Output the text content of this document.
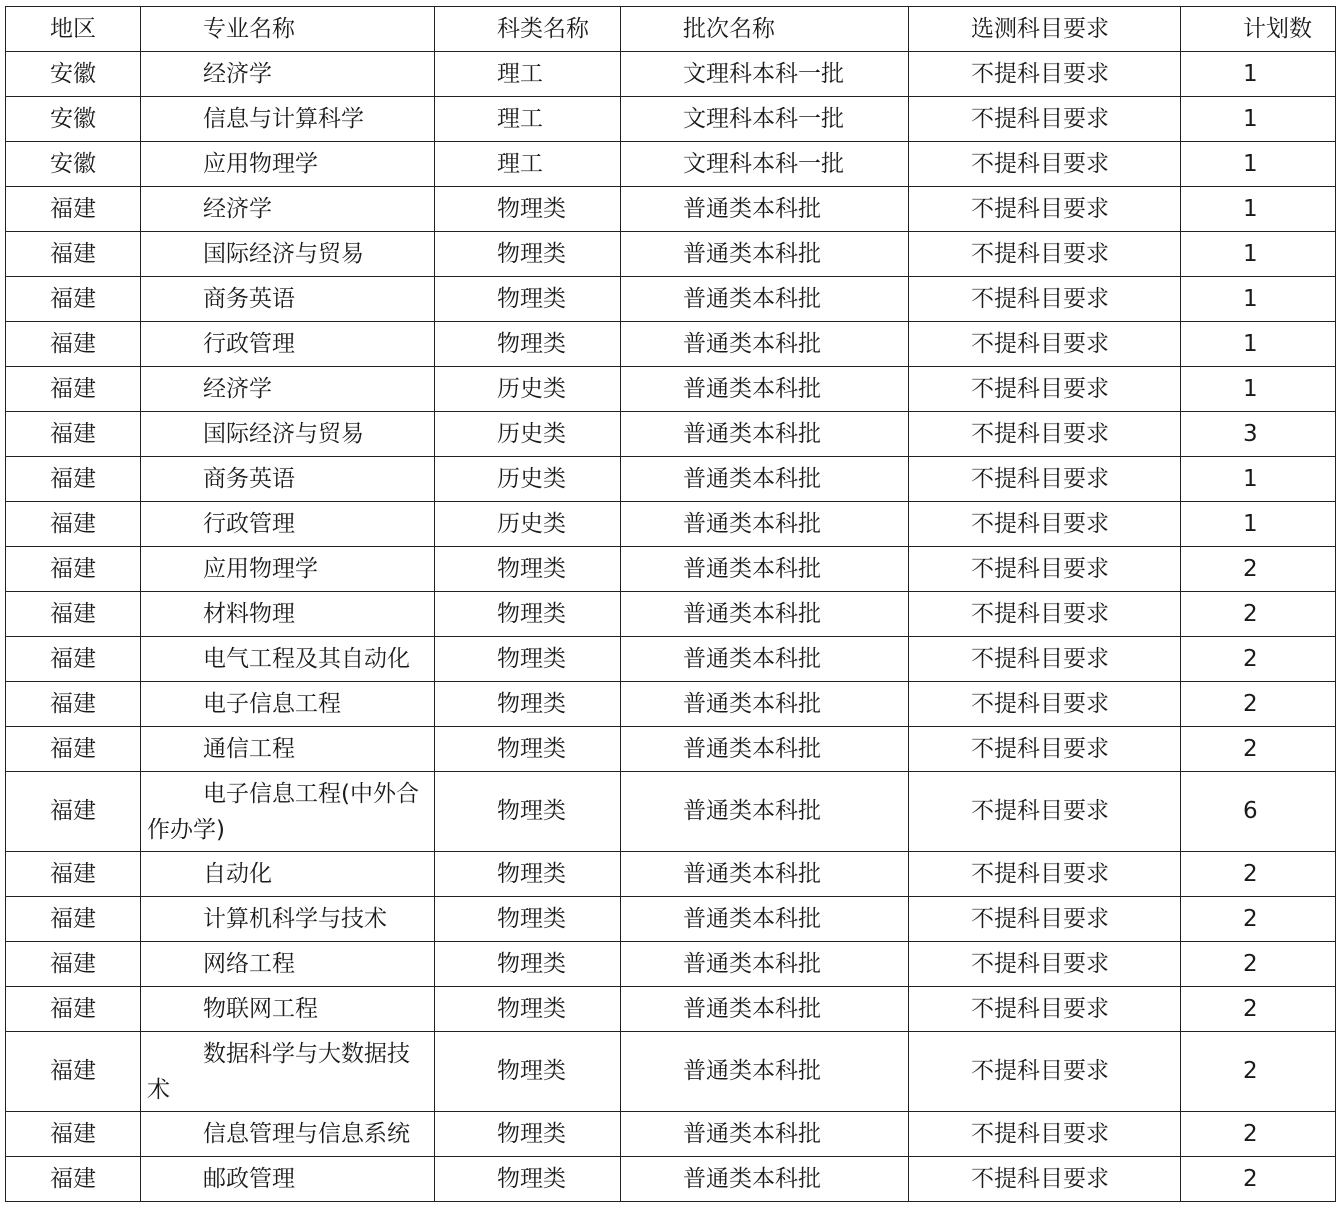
地区	专业名称	科类名称	批次名称	选测科目要求	计划数
安徽	经济学	理工	文理科本科一批	不提科目要求	1
安徽	信息与计算科学	理工	文理科本科一批	不提科目要求	1
安徽	应用物理学	理工	文理科本科一批	不提科目要求	1
福建	经济学	物理类	普通类本科批	不提科目要求	1
福建	国际经济与贸易	物理类	普通类本科批	不提科目要求	1
福建	商务英语	物理类	普通类本科批	不提科目要求	1
福建	行政管理	物理类	普通类本科批	不提科目要求	1
福建	经济学	历史类	普通类本科批	不提科目要求	1
福建	国际经济与贸易	历史类	普通类本科批	不提科目要求	3
福建	商务英语	历史类	普通类本科批	不提科目要求	1
福建	行政管理	历史类	普通类本科批	不提科目要求	1
福建	应用物理学	物理类	普通类本科批	不提科目要求	2
福建	材料物理	物理类	普通类本科批	不提科目要求	2
福建	电气工程及其自动化	物理类	普通类本科批	不提科目要求	2
福建	电子信息工程	物理类	普通类本科批	不提科目要求	2
福建	通信工程	物理类	普通类本科批	不提科目要求	2
福建	电子信息工程(中外合作办学)	物理类	普通类本科批	不提科目要求	6
福建	自动化	物理类	普通类本科批	不提科目要求	2
福建	计算机科学与技术	物理类	普通类本科批	不提科目要求	2
福建	网络工程	物理类	普通类本科批	不提科目要求	2
福建	物联网工程	物理类	普通类本科批	不提科目要求	2
福建	数据科学与大数据技术	物理类	普通类本科批	不提科目要求	2
福建	信息管理与信息系统	物理类	普通类本科批	不提科目要求	2
福建	邮政管理	物理类	普通类本科批	不提科目要求	2
